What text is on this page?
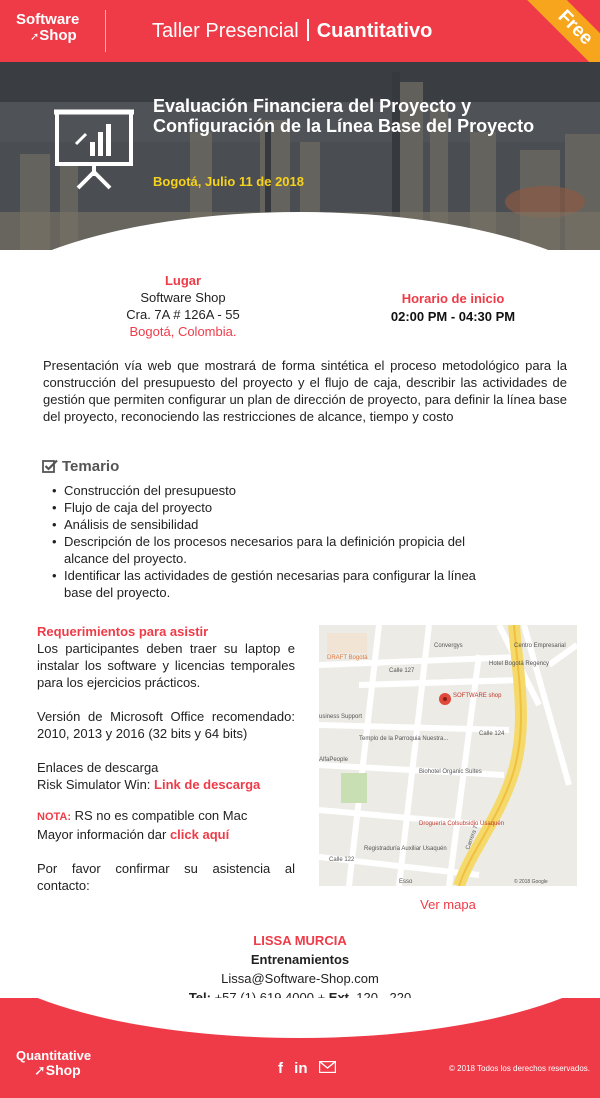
Software
➚Shop	Taller Presencial Cuantitativo	Free
Evaluación Financiera del Proyecto y Configuración de la Línea Base del Proyecto
Bogotá, Julio 11 de 2018
Lugar
Software Shop
Cra. 7A # 126A - 55
Bogotá, Colombia.
Horario de inicio
02:00 PM - 04:30 PM
Presentación vía web que mostrará de forma sintética el proceso metodológico para la construcción del presupuesto del proyecto y el flujo de caja, describir las actividades de gestión que permiten configurar un plan de dirección de proyecto, para definir la línea base del proyecto, reconociendo las restricciones de alcance, tiempo y costo
Temario
• Construcción del presupuesto
• Flujo de caja del proyecto
• Análisis de sensibilidad
• Descripción de los procesos necesarios para la definición propicia del alcance del proyecto.
• Identificar las actividades de gestión necesarias para configurar la línea base del proyecto.
Requerimientos para asistir

Los participantes deben traer su laptop e instalar los software y licencias temporales para los ejercicios prácticos.

Versión de Microsoft Office recomendado: 2010, 2013 y 2016 (32 bits y 64 bits)

Enlaces de descarga
Risk Simulator Win: Link de descarga
NOTA: RS no es compatible con Mac
Mayor información dar click aquí

Por favor confirmar su asistencia al contacto:

DRAFT Bogotá
Convergys	Centro Empresarial
Hotel Bogotá Regency
SOFTWARE shop
usiness Support
Templo de la Parroquia Nuestra...
AlfaPeople
Biohotel Organic Suites
Droguería Colsubsidio Usaquén
Registraduría Auxiliar Usaquén
Esso
Calle 127
Calle 124
Calle 122
Carrera 7
© 2018 Google
Ver mapa
LISSA MURCIA
Entrenamientos
Lissa@Software-Shop.com
Quantitative
➚Shop	f in	© 2018 Todos los derechos reservados.
